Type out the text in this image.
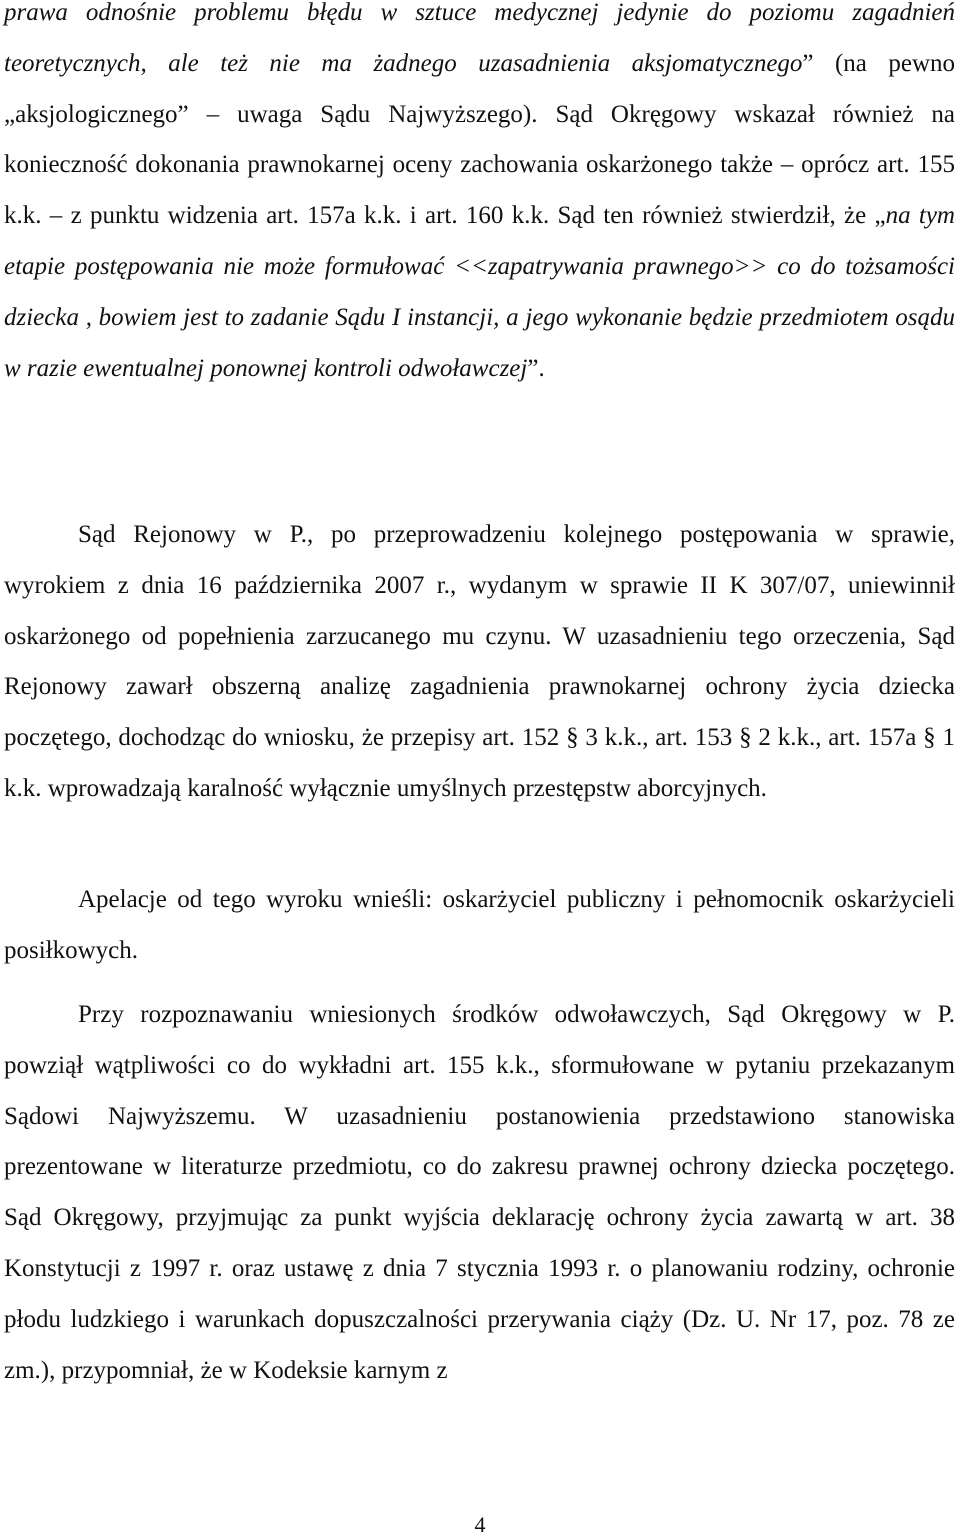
prawa odnośnie problemu błędu w sztuce medycznej jedynie do poziomu zagadnień teoretycznych, ale też nie ma żadnego uzasadnienia aksjomatycznego” (na pewno „aksjologicznego” – uwaga Sądu Najwyższego). Sąd Okręgowy wskazał również na konieczność dokonania prawnokarnej oceny zachowania oskarżonego także – oprócz art. 155 k.k. – z punktu widzenia art. 157a k.k. i art. 160 k.k. Sąd ten również stwierdził, że „na tym etapie postępowania nie może formułować <<zapatrywania prawnego>> co do tożsamości dziecka , bowiem jest to zadanie Sądu I instancji, a jego wykonanie będzie przedmiotem osądu w razie ewentualnej ponownej kontroli odwoławczej”.

Sąd Rejonowy w P., po przeprowadzeniu kolejnego postępowania w sprawie, wyrokiem z dnia 16 października 2007 r., wydanym w sprawie II K 307/07, uniewinnił oskarżonego od popełnienia zarzucanego mu czynu. W uzasadnieniu tego orzeczenia, Sąd Rejonowy zawarł obszerną analizę zagadnienia prawnokarnej ochrony życia dziecka poczętego, dochodząc do wniosku, że przepisy art. 152 § 3 k.k., art. 153 § 2 k.k., art. 157a § 1 k.k. wprowadzają karalność wyłącznie umyślnych przestępstw aborcyjnych.

Apelacje od tego wyroku wnieśli: oskarżyciel publiczny i pełnomocnik oskarżycieli posiłkowych.

Przy rozpoznawaniu wniesionych środków odwoławczych, Sąd Okręgowy w P. powziął wątpliwości co do wykładni art. 155 k.k., sformułowane w pytaniu przekazanym Sądowi Najwyższemu. W uzasadnieniu postanowienia przedstawiono stanowiska prezentowane w literaturze przedmiotu, co do zakresu prawnej ochrony dziecka poczętego. Sąd Okręgowy, przyjmując za punkt wyjścia deklarację ochrony życia zawartą w art. 38 Konstytucji z 1997 r. oraz ustawę z dnia 7 stycznia 1993 r. o planowaniu rodziny, ochronie płodu ludzkiego i warunkach dopuszczalności przerywania ciąży (Dz. U. Nr 17, poz. 78 ze zm.), przypomniał, że w Kodeksie karnym z

4
